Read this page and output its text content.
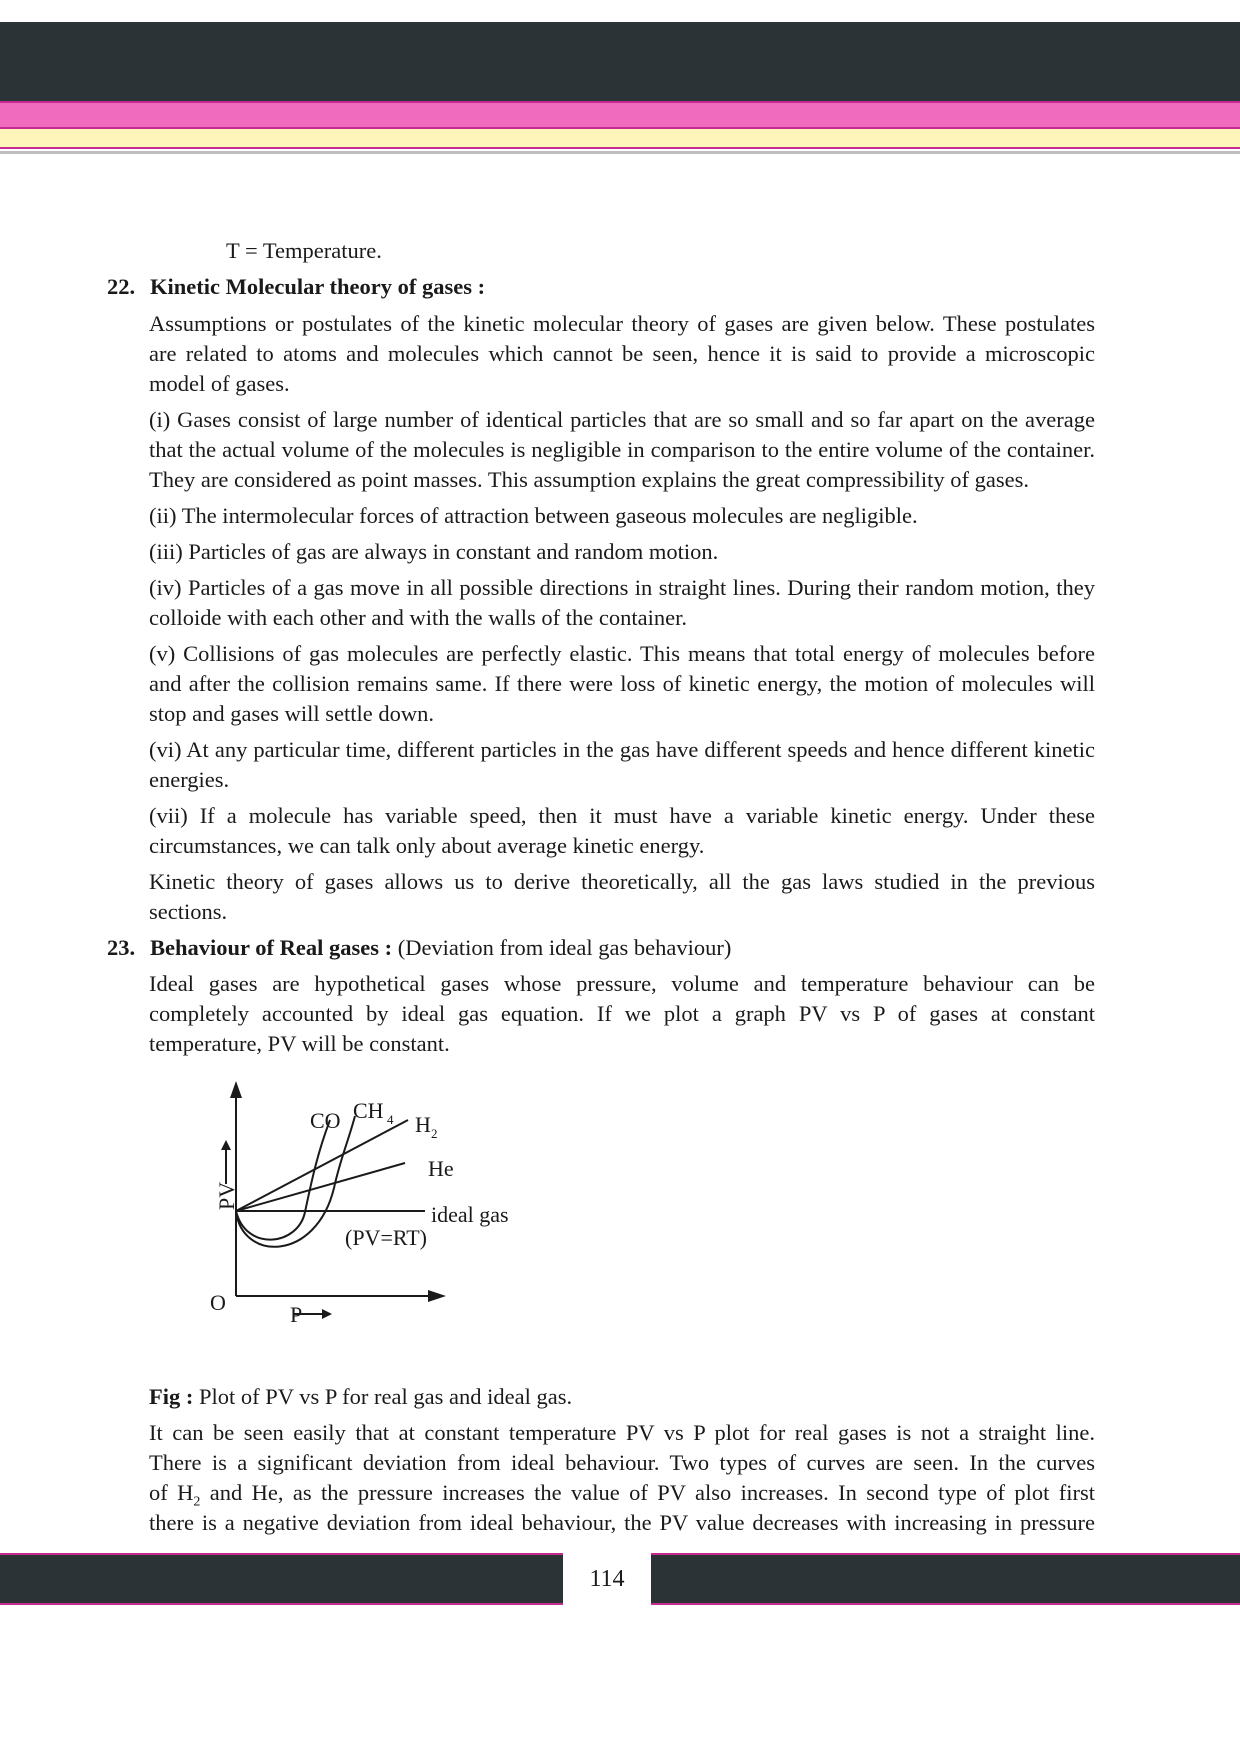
T = Temperature.
22. Kinetic Molecular theory of gases :
Assumptions or postulates of the kinetic molecular theory of gases are given below. These postulates
are related to atoms and molecules which cannot be seen, hence it is said to provide a microscopic
model of gases.
(i) Gases consist of large number of identical particles that are so small and so far apart on the average
that the actual volume of the molecules is negligible in comparison to the entire volume of the container.
They are considered as point masses. This assumption explains the great compressibility of gases.
(ii) The intermolecular forces of attraction between gaseous molecules are negligible.
(iii) Particles of gas are always in constant and random motion.
(iv) Particles of a gas move in all possible directions in straight lines. During their random motion, they
colloide with each other and with the walls of the container.
(v) Collisions of gas molecules are perfectly elastic. This means that total energy of molecules before
and after the collision remains same. If there were loss of kinetic energy, the motion of molecules will
stop and gases will settle down.
(vi) At any particular time, different particles in the gas have different speeds and hence different kinetic
energies.
(vii) If a molecule has variable speed, then it must have a variable kinetic energy. Under these
circumstances, we can talk only about average kinetic energy.
Kinetic theory of gases allows us to derive theoretically, all the gas laws studied in the previous
sections.
23. Behaviour of Real gases : (Deviation from ideal gas behaviour)
Ideal gases are hypothetical gases whose pressure, volume and temperature behaviour can be
completely accounted by ideal gas equation. If we plot a graph PV vs P of gases at constant
temperature, PV will be constant.
PV
O	P
CO CH 4 H 2
He
ideal gas
(PV=RT)
Fig : Plot of PV vs P for real gas and ideal gas.
It can be seen easily that at constant temperature PV vs P plot for real gases is not a straight line.
There is a significant deviation from ideal behaviour. Two types of curves are seen. In the curves
of $H_2$ and He, as the pressure increases the value of PV also increases. In second type of plot first
there is a negative deviation from ideal behaviour, the PV value decreases with increasing in pressure
114
